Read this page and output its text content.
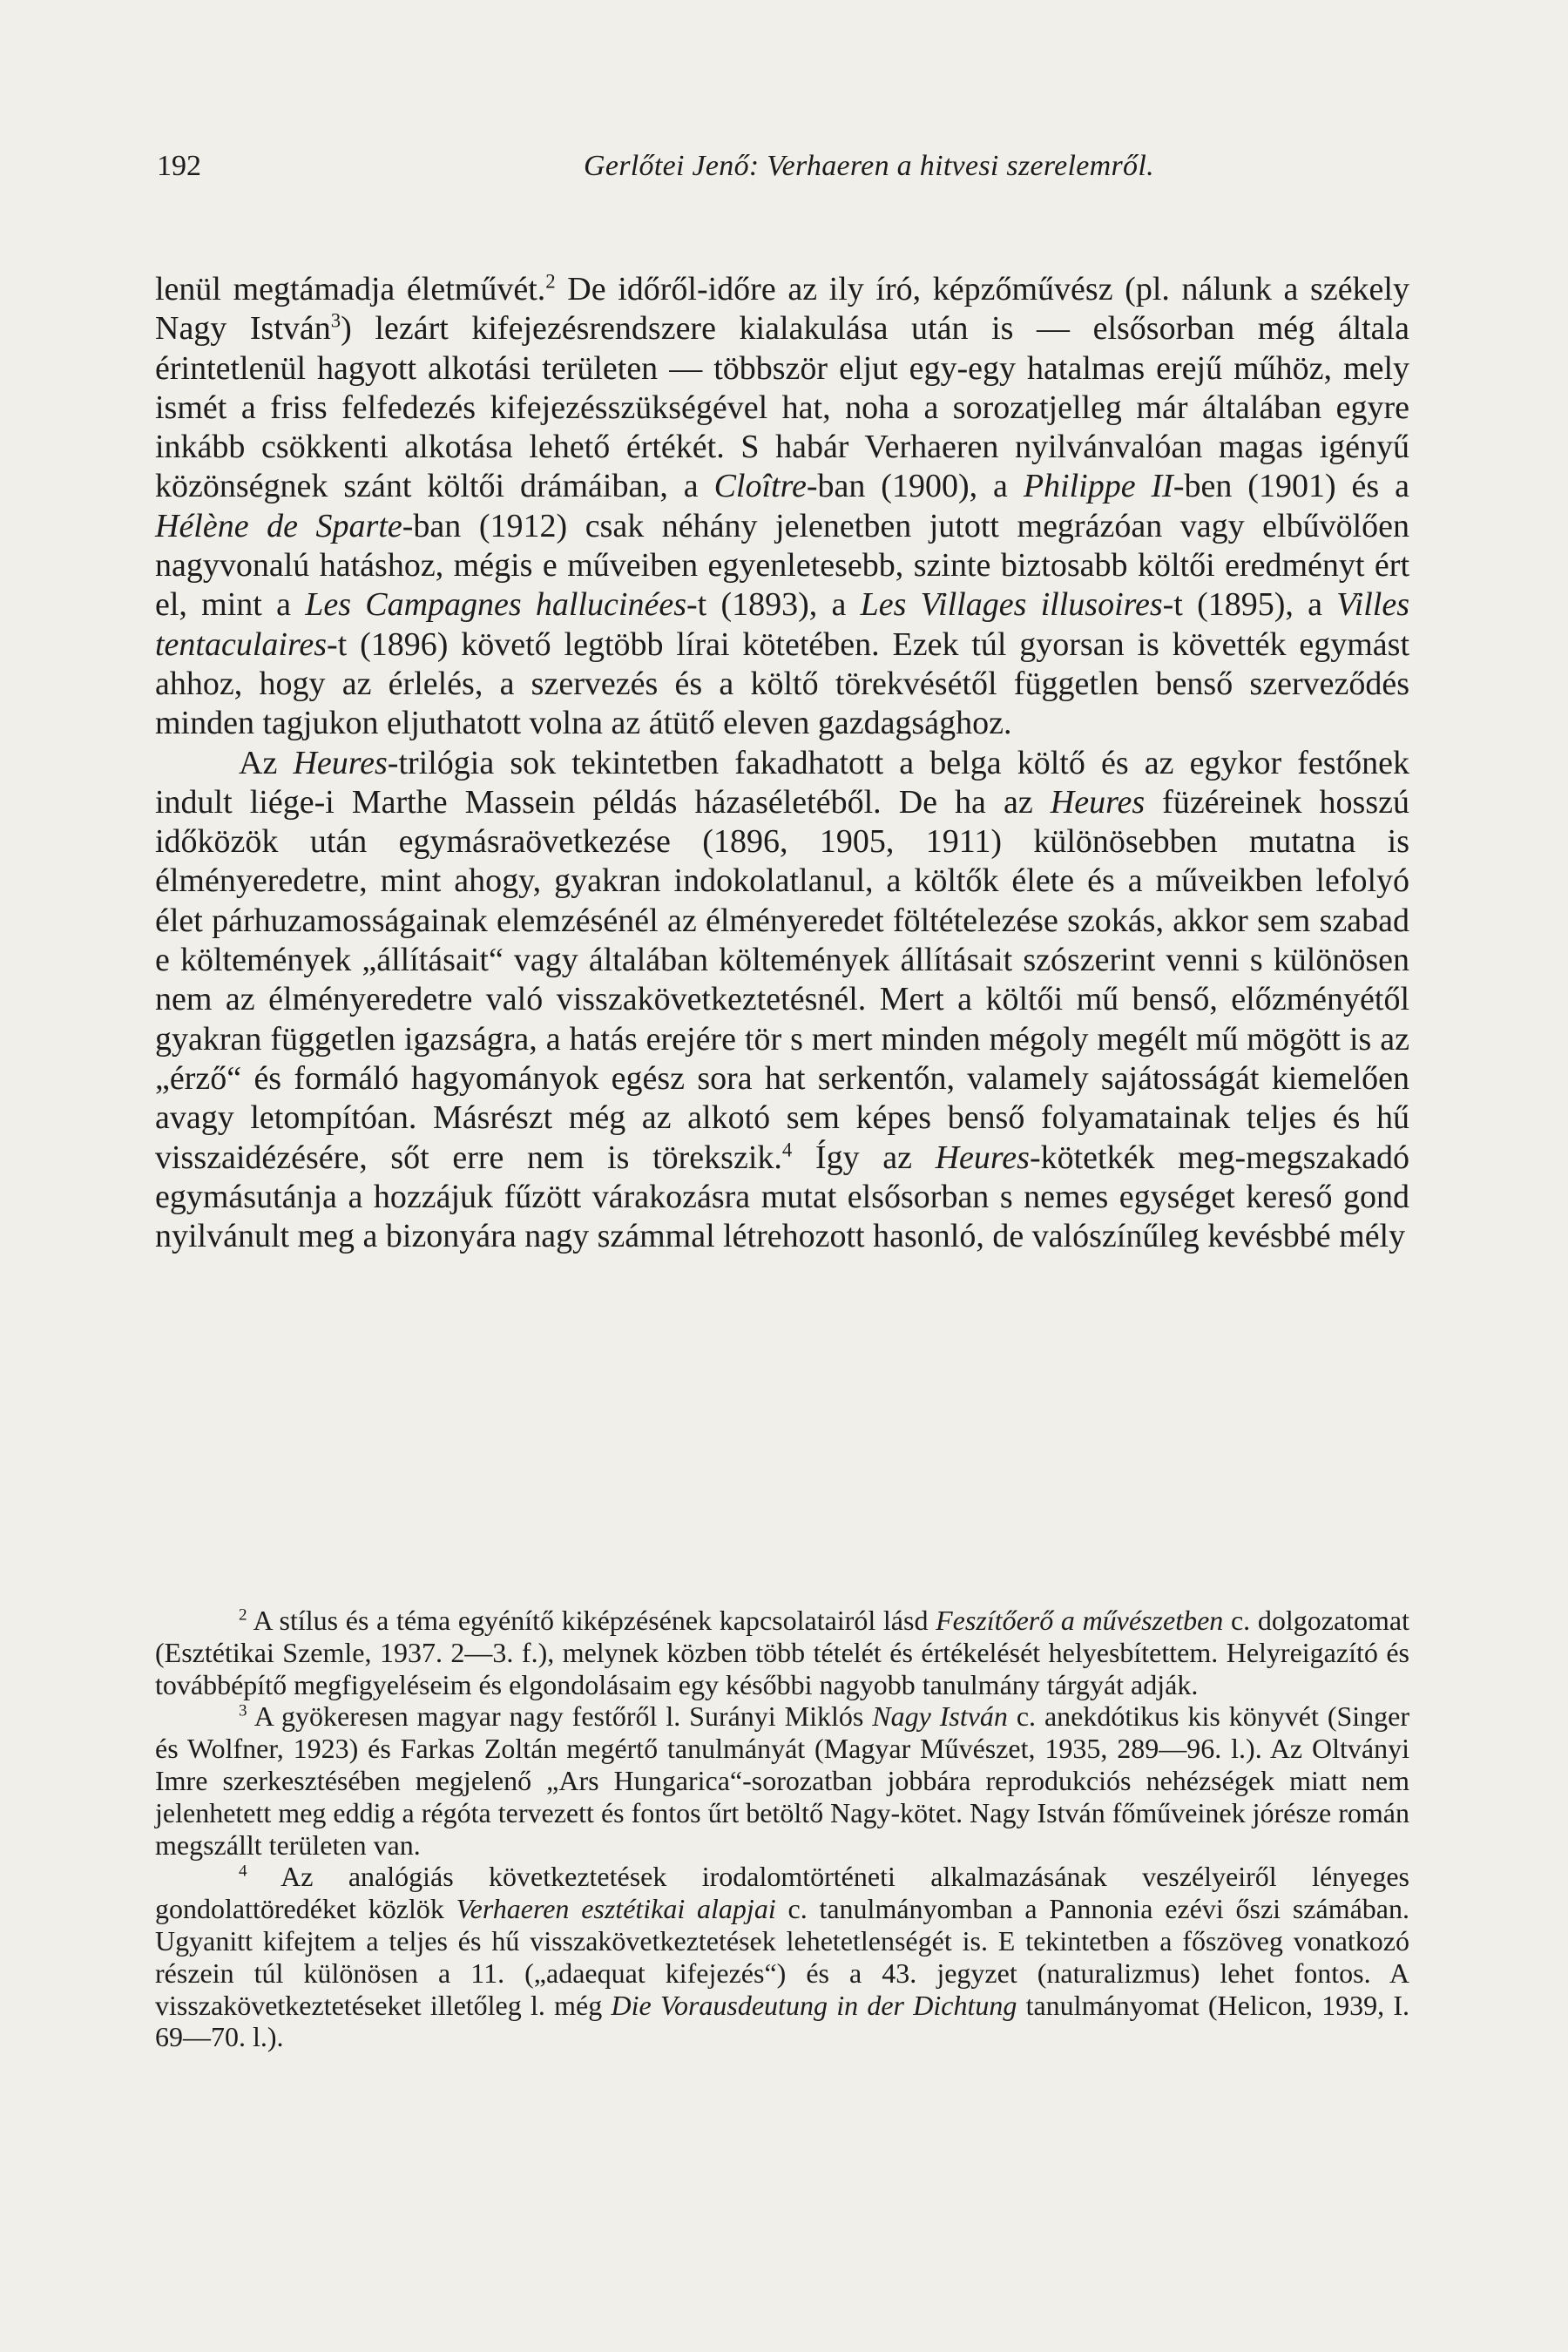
192	Gerlőtei Jenő: Verhaeren a hitvesi szerelemről.

lenül megtámadja életművét.$^2$ De időről-időre az ily író, képzőművész (pl. nálunk a székely Nagy István$^3$) lezárt kifejezésrendszere kialakulása után is — elsősorban még általa érintetlenül hagyott alkotási területen — többször eljut egy-egy hatalmas erejű műhöz, mely ismét a friss felfedezés kifejezésszükségével hat, noha a sorozatjelleg már általában egyre inkább csökkenti alkotása lehető értékét. S habár Verhaeren nyilvánvalóan magas igényű közönségnek szánt költői drámáiban, a Cloître-ban (1900), a Philippe II-ben (1901) és a Hélène de Sparte-ban (1912) csak néhány jelenetben jutott megrázóan vagy elbűvölően nagyvonalú hatáshoz, mégis e műveiben egyenletesebb, szinte biztosabb költői eredményt ért el, mint a Les Campagnes hallucinées-t (1893), a Les Villages illusoires-t (1895), a Villes tentaculaires-t (1896) követő legtöbb lírai kötetében. Ezek túl gyorsan is követték egymást ahhoz, hogy az érlelés, a szervezés és a költő törekvésétől független benső szerveződés minden tagjukon eljuthatott volna az átütő eleven gazdagsághoz.

Az Heures-trilógia sok tekintetben fakadhatott a belga költő és az egykor festőnek indult liége-i Marthe Massein példás házaséletéből. De ha az Heures füzéreinek hosszú időközök után egymásraövetkezése (1896, 1905, 1911) különösebben mutatna is élményeredetre, mint ahogy, gyakran indokolatlanul, a költők élete és a műveikben lefolyó élet párhuzamosságainak elemzésénél az élményeredet föltételezése szokás, akkor sem szabad e költemények „állításait“ vagy általában költemények állításait szószerint venni s különösen nem az élményeredetre való visszakövetkeztetésnél. Mert a költői mű benső, előzményétől gyakran független igazságra, a hatás erejére tör s mert minden mégoly megélt mű mögött is az „érző“ és formáló hagyományok egész sora hat serkentőn, valamely sajátosságát kiemelően avagy letompítóan. Másrészt még az alkotó sem képes benső folyamatainak teljes és hű visszaidézésére, sőt erre nem is törekszik.$^4$ Így az Heures-kötetkék meg-megszakadó egymásutánja a hozzájuk fűzött várakozásra mutat elsősorban s nemes egységet kereső gond nyilvánult meg a bizonyára nagy számmal létrehozott hasonló, de valószínűleg kevésbbé mély

$^2$ A stílus és a téma egyénítő kiképzésének kapcsolatairól lásd Feszítőerő a művészetben c. dolgozatomat (Esztétikai Szemle, 1937. 2—3. f.), melynek közben több tételét és értékelését helyesbítettem. Helyreigazító és továbbépítő megfigyeléseim és elgondolásaim egy későbbi nagyobb tanulmány tárgyát adják.

$^3$ A gyökeresen magyar nagy festőről l. Surányi Miklós Nagy István c. anekdótikus kis könyvét (Singer és Wolfner, 1923) és Farkas Zoltán megértő tanulmányát (Magyar Művészet, 1935, 289—96. l.). Az Oltványi Imre szerkesztésében megjelenő „Ars Hungarica“-sorozatban jobbára reprodukciós nehézségek miatt nem jelenhetett meg eddig a régóta tervezett és fontos űrt betöltő Nagy-kötet. Nagy István főműveinek jórésze román megszállt területen van.

$^4$ Az analógiás következtetések irodalomtörténeti alkalmazásának veszélyeiről lényeges gondolattöredéket közlök Verhaeren esztétikai alapjai c. tanulmányomban a Pannonia ezévi őszi számában. Ugyanitt kifejtem a teljes és hű visszakövetkeztetések lehetetlenségét is. E tekintetben a főszöveg vonatkozó részein túl különösen a 11. („adaequat kifejezés“) és a 43. jegyzet (naturalizmus) lehet fontos. A visszakövetkeztetéseket illetőleg l. még Die Vorausdeutung in der Dichtung tanulmányomat (Helicon, 1939, I. 69—70. l.).
